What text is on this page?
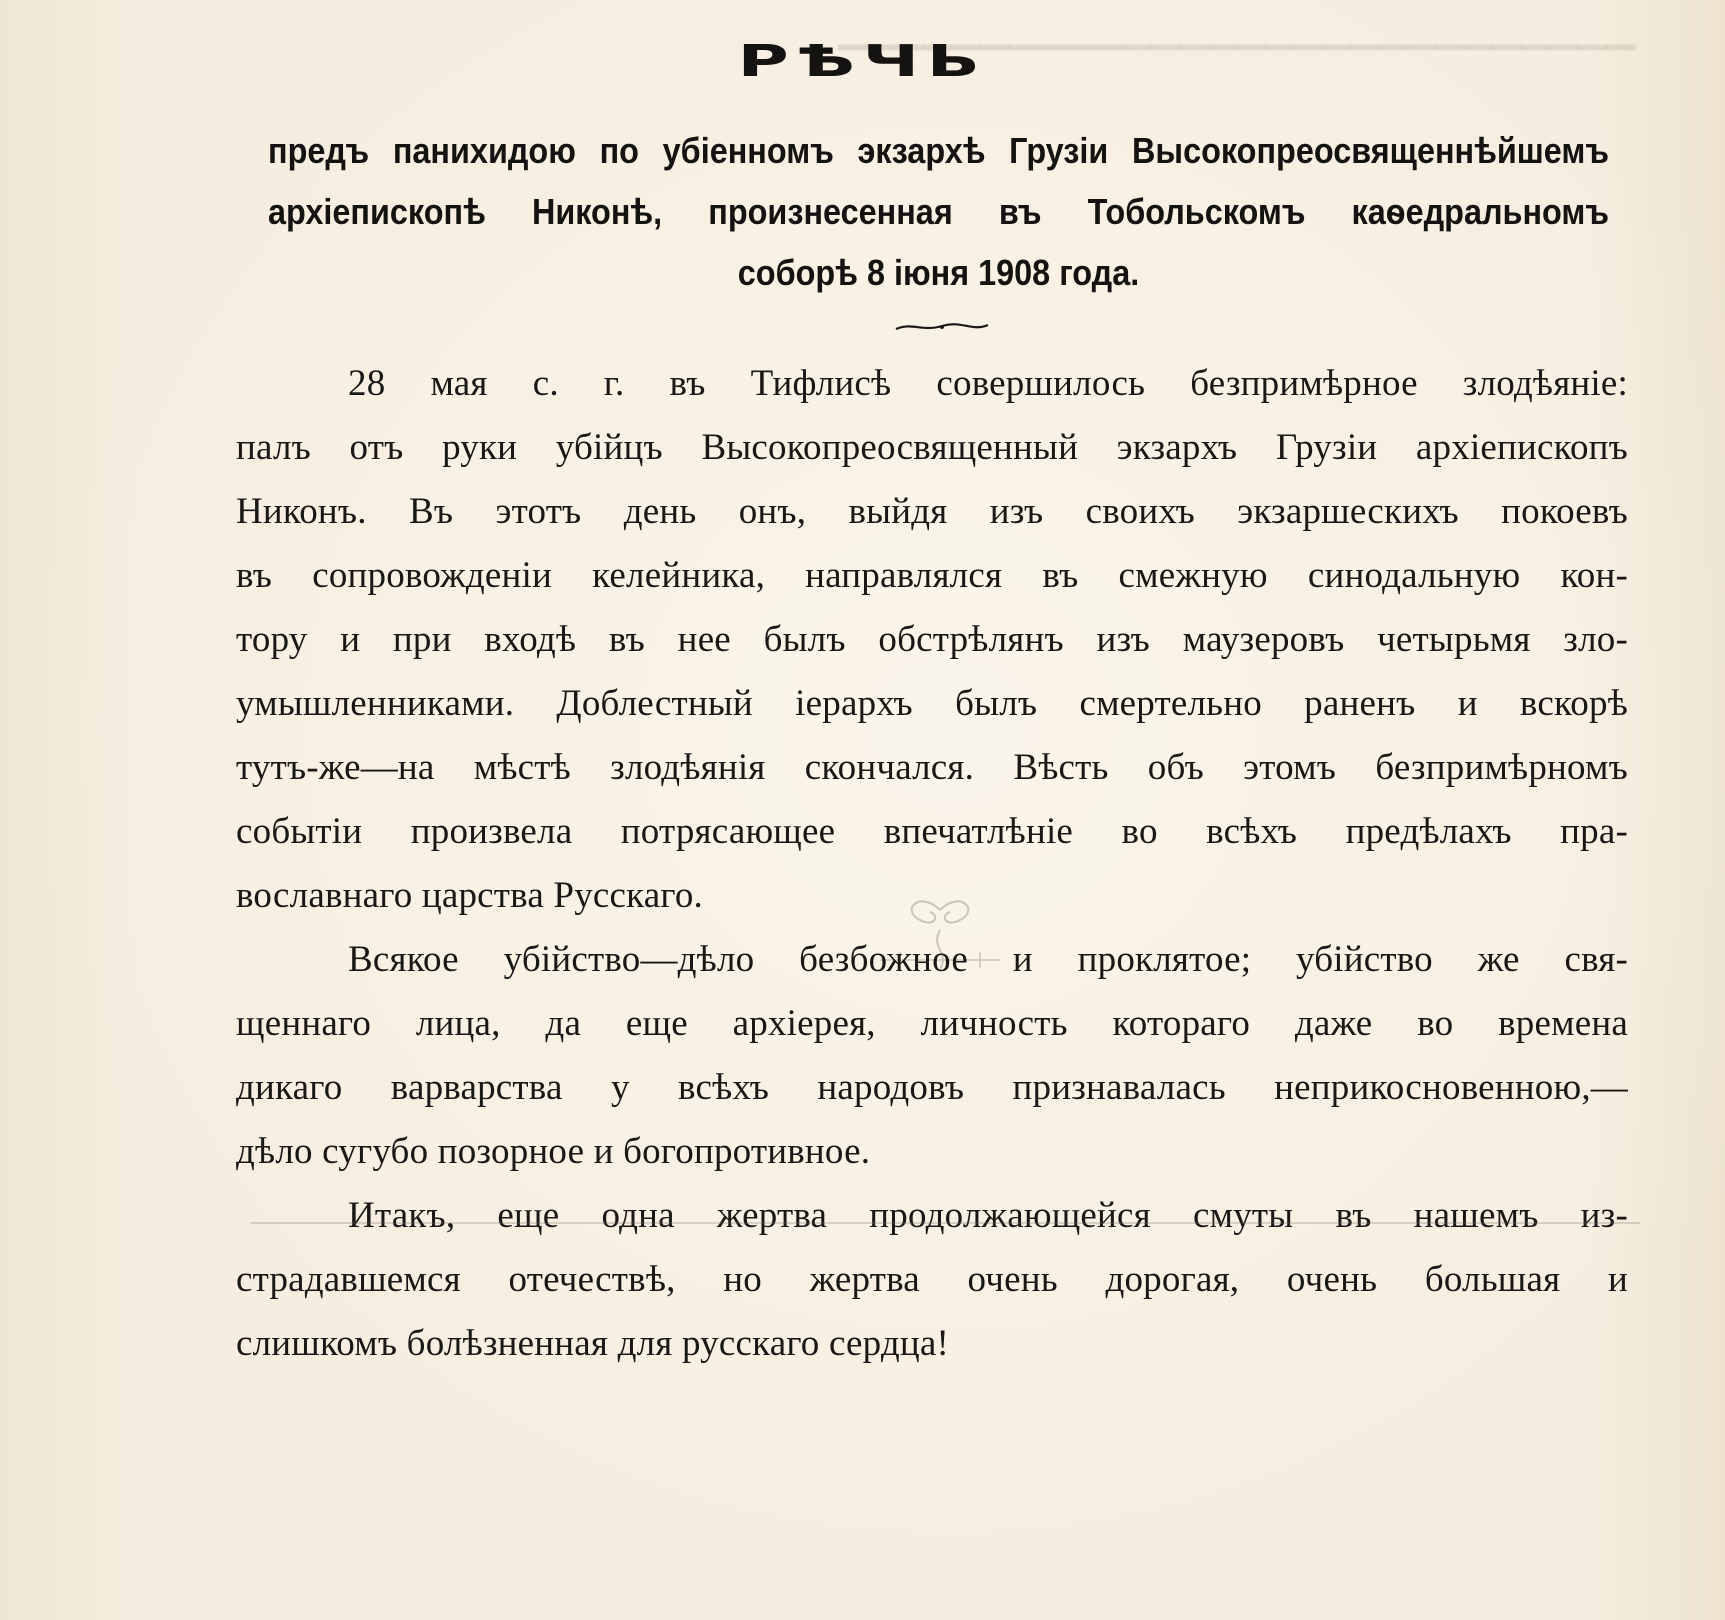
▁▁▁▁▁▁▁▁▁▁▁▁▁▁▁▁▁▁▁▁▁▁▁▁▁▁▁▁
РѢЧЬ
предъ панихидою по убіенномъ экзархѣ Грузіи Высокопреосвященнѣйшемъ
архіепископѣ Никонѣ, произнесенная въ Тобольскомъ каѳедральномъ
соборѣ 8 іюня 1908 года.
28 мая с. г. въ Тифлисѣ совершилось безпримѣрное злодѣяніе:
палъ отъ руки убійцъ Высокопреосвященный экзархъ Грузіи архіепископъ
Никонъ. Въ этотъ день онъ, выйдя изъ своихъ экзаршескихъ покоевъ
въ сопровожденіи келейника, направлялся въ смежную синодальную кон-
тору и при входѣ въ нее былъ обстрѣлянъ изъ маузеровъ четырьмя зло-
умышленниками. Доблестный іерархъ былъ смертельно раненъ и вскорѣ
тутъ-же—на мѣстѣ злодѣянія скончался. Вѣсть объ этомъ безпримѣрномъ
событіи произвела потрясающее впечатлѣніе во всѣхъ предѣлахъ пра-
вославнаго царства Русскаго.
Всякое убійство—дѣло безбожное и проклятое; убійство же свя-
щеннаго лица, да еще архіерея, личность котораго даже во времена
дикаго варварства у всѣхъ народовъ признавалась неприкосновенною,—
дѣло сугубо позорное и богопротивное.
Итакъ, еще одна жертва продолжающейся смуты въ нашемъ из-
страдавшемся отечествѣ, но жертва очень дорогая, очень большая и
слишкомъ болѣзненная для русскаго сердца!
